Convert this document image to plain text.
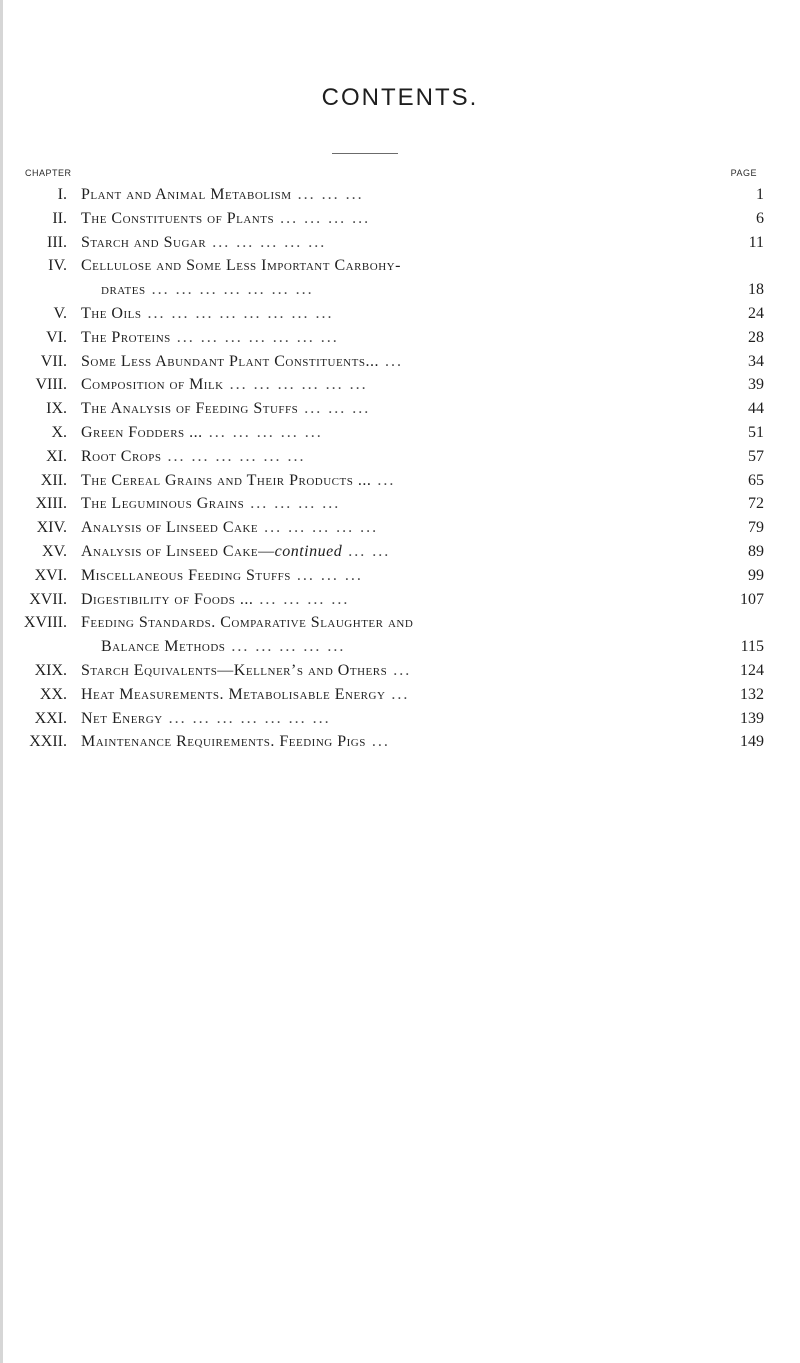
CONTENTS.
CHAPTER	PAGE
I. Plant and Animal Metabolism ... ... ...	1
II. The Constituents of Plants ... ... ... ...	6
III. Starch and Sugar ... ... ... ... ...	11
IV. Cellulose and Some Less Important Carbohy-
drates ... ... ... ... ... ... ...	18
V. The Oils ... ... ... ... ... ... ... ...	24
VI. The Proteins ... ... ... ... ... ... ...	28
VII. Some Less Abundant Plant Constituents... ...	34
VIII. Composition of Milk ... ... ... ... ... ...	39
IX. The Analysis of Feeding Stuffs ... ... ...	44
X. Green Fodders ... ... ... ... ... ...	51
XI. Root Crops ... ... ... ... ... ...	57
XII. The Cereal Grains and Their Products ... ...	65
XIII. The Leguminous Grains ... ... ... ...	72
XIV. Analysis of Linseed Cake ... ... ... ... ...	79
XV. Analysis of Linseed Cake—continued ... ...	89
XVI. Miscellaneous Feeding Stuffs ... ... ...	99
XVII. Digestibility of Foods ... ... ... ... ...	107
XVIII. Feeding Standards. Comparative Slaughter and
Balance Methods ... ... ... ... ...	115
XIX. Starch Equivalents—Kellner’s and Others ...	124
XX. Heat Measurements. Metabolisable Energy ...	132
XXI. Net Energy ... ... ... ... ... ... ...	139
XXII. Maintenance Requirements. Feeding Pigs ...	149
